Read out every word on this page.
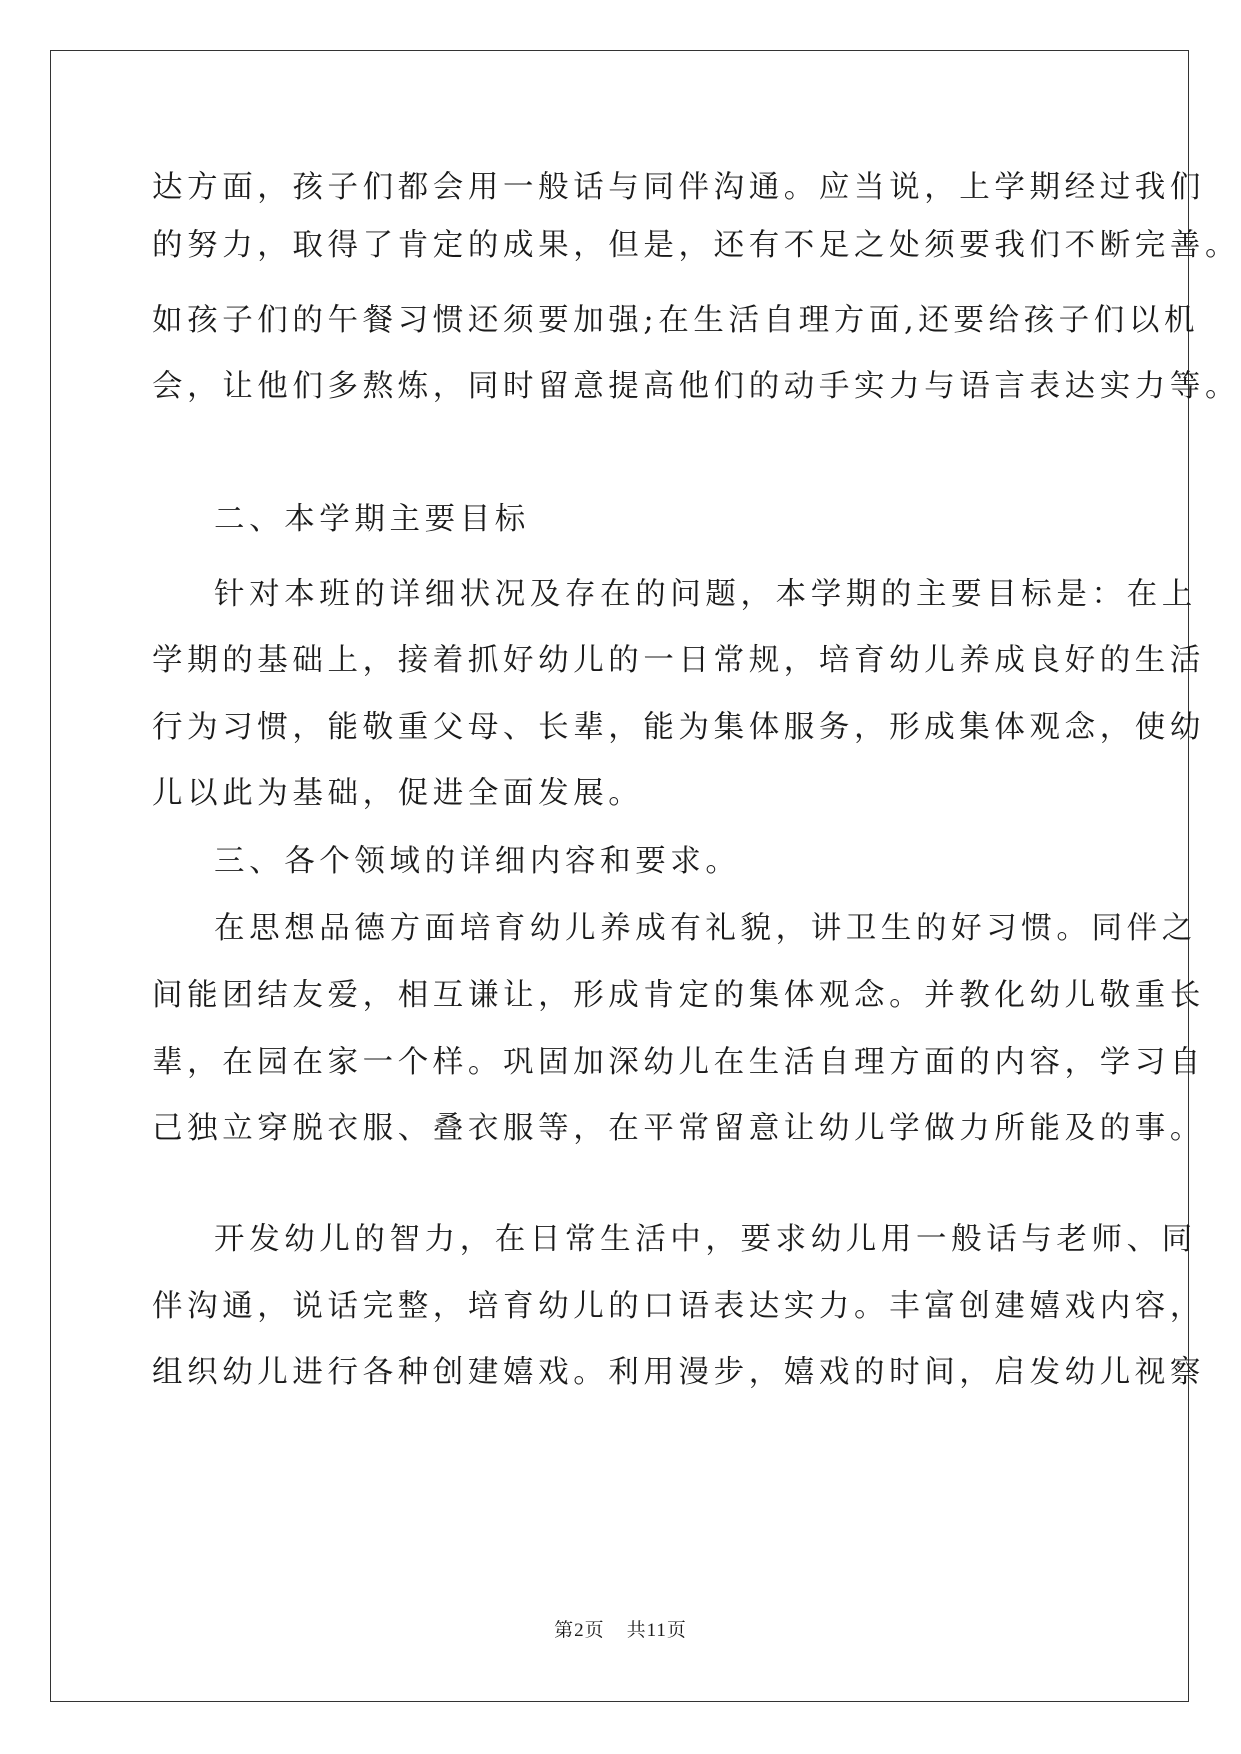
达方面，孩子们都会用一般话与同伴沟通。应当说，上学期经过我们
的努力，取得了肯定的成果，但是，还有不足之处须要我们不断完善。
如孩子们的午餐习惯还须要加强;在生活自理方面,还要给孩子们以机
会，让他们多熬炼，同时留意提高他们的动手实力与语言表达实力等。
二、本学期主要目标
针对本班的详细状况及存在的问题，本学期的主要目标是：在上
学期的基础上，接着抓好幼儿的一日常规，培育幼儿养成良好的生活
行为习惯，能敬重父母、长辈，能为集体服务，形成集体观念，使幼
儿以此为基础，促进全面发展。
三、各个领域的详细内容和要求。
在思想品德方面培育幼儿养成有礼貌，讲卫生的好习惯。同伴之
间能团结友爱，相互谦让，形成肯定的集体观念。并教化幼儿敬重长
辈，在园在家一个样。巩固加深幼儿在生活自理方面的内容，学习自
己独立穿脱衣服、叠衣服等，在平常留意让幼儿学做力所能及的事。
开发幼儿的智力，在日常生活中，要求幼儿用一般话与老师、同
伴沟通，说话完整，培育幼儿的口语表达实力。丰富创建嬉戏内容，
组织幼儿进行各种创建嬉戏。利用漫步，嬉戏的时间，启发幼儿视察
第2页 共11页
